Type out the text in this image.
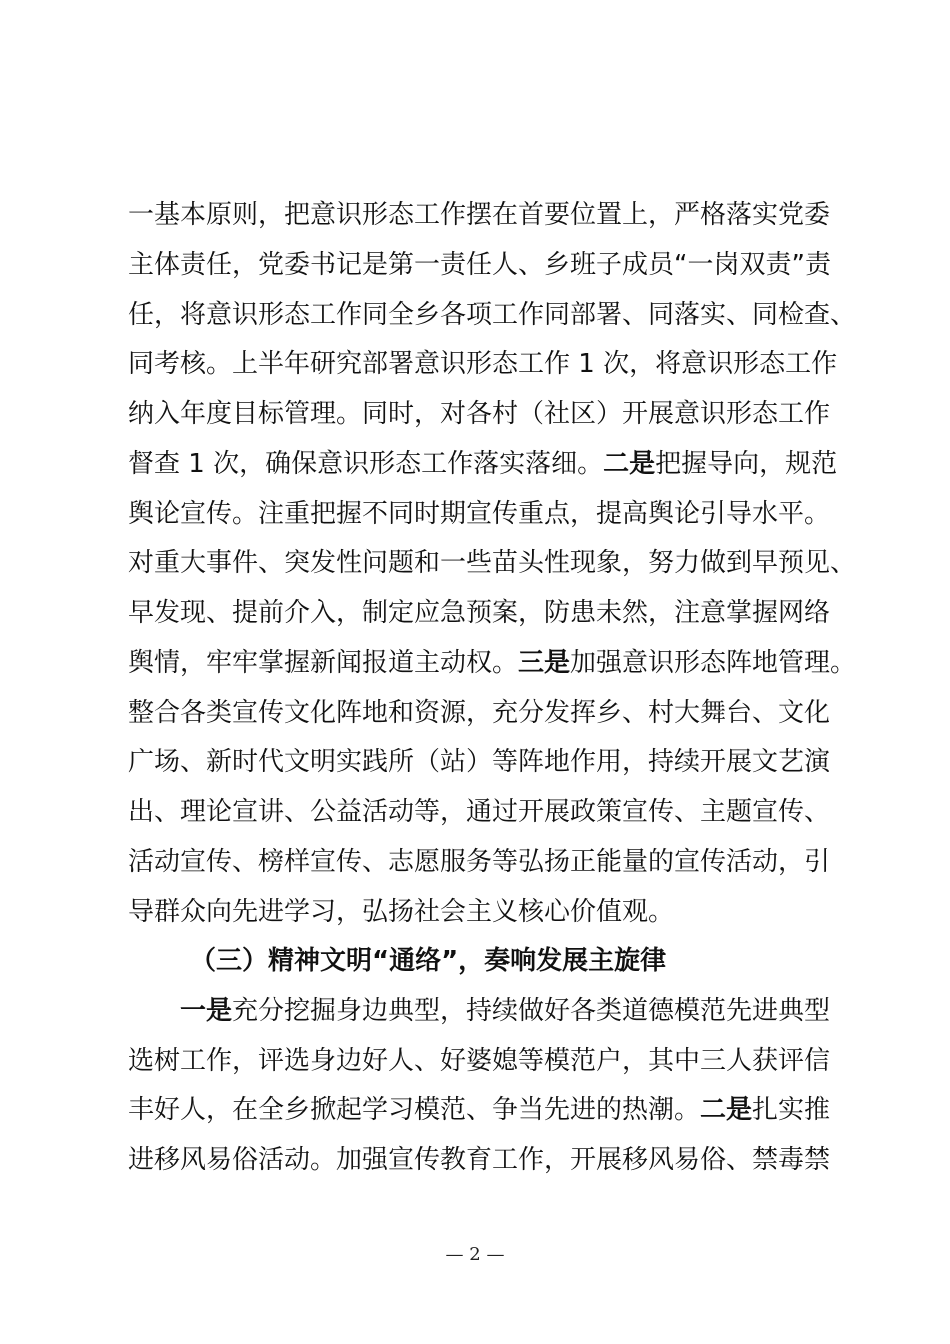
一基本原则，把意识形态工作摆在首要位置上，严格落实党委
主体责任，党委书记是第一责任人、乡班子成员“一岗双责”责
任，将意识形态工作同全乡各项工作同部署、同落实、同检查、
同考核。上半年研究部署意识形态工作 1 次，将意识形态工作
纳入年度目标管理。同时，对各村（社区）开展意识形态工作
督查 1 次，确保意识形态工作落实落细。二是把握导向，规范
舆论宣传。注重把握不同时期宣传重点，提高舆论引导水平。
对重大事件、突发性问题和一些苗头性现象，努力做到早预见、
早发现、提前介入，制定应急预案，防患未然，注意掌握网络
舆情，牢牢掌握新闻报道主动权。三是加强意识形态阵地管理。
整合各类宣传文化阵地和资源，充分发挥乡、村大舞台、文化
广场、新时代文明实践所（站）等阵地作用，持续开展文艺演
出、理论宣讲、公益活动等，通过开展政策宣传、主题宣传、
活动宣传、榜样宣传、志愿服务等弘扬正能量的宣传活动，引
导群众向先进学习，弘扬社会主义核心价值观。
（三）精神文明“通络”，奏响发展主旋律
一是充分挖掘身边典型，持续做好各类道德模范先进典型
选树工作，评选身边好人、好婆媳等模范户，其中三人获评信
丰好人，在全乡掀起学习模范、争当先进的热潮。二是扎实推
进移风易俗活动。加强宣传教育工作，开展移风易俗、禁毒禁
— 2 —
